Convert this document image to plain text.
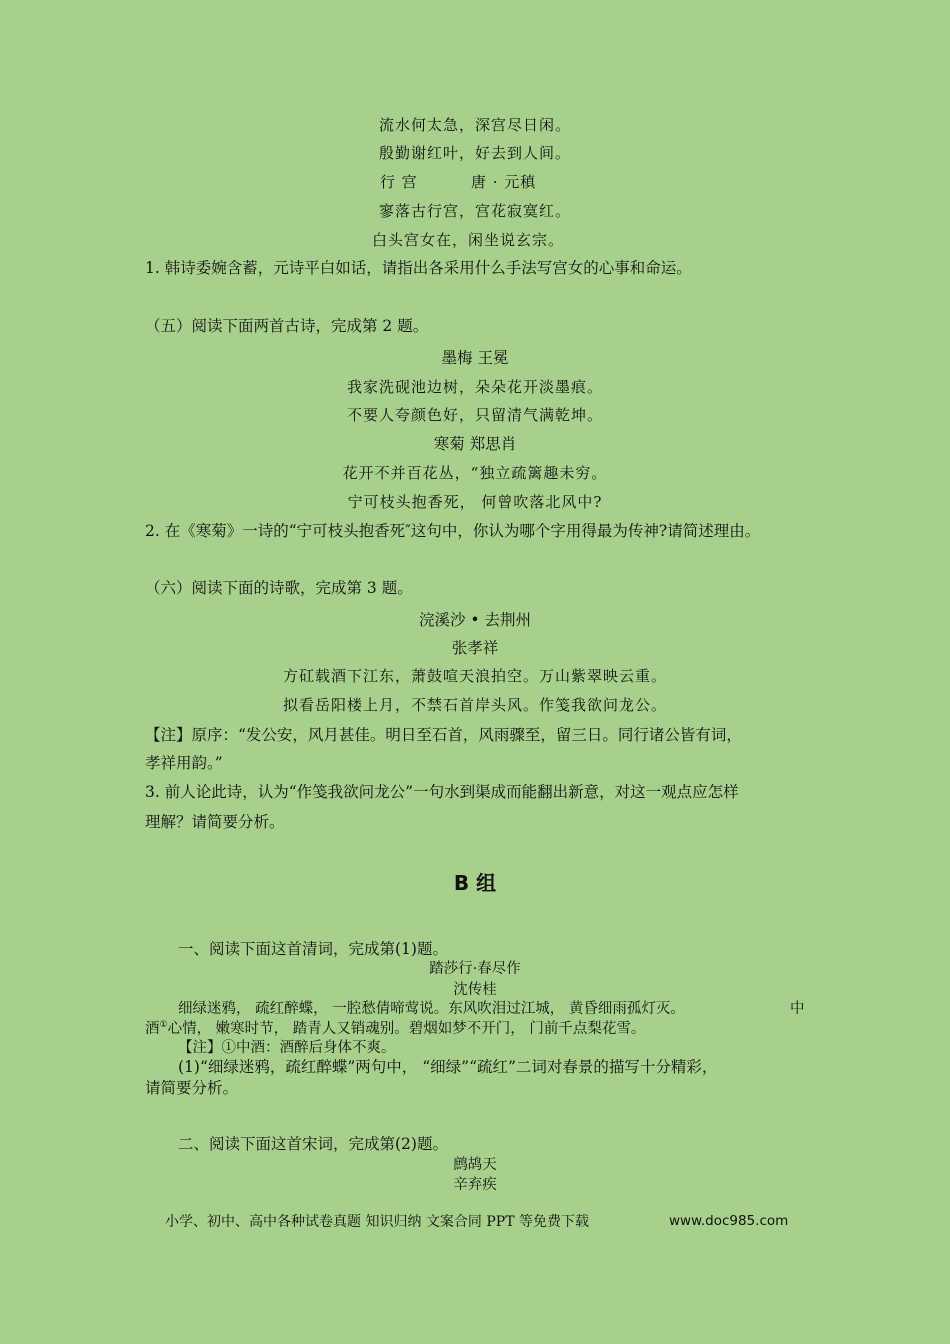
流水何太急，深宫尽日闲。
殷勤谢红叶，好去到人间。
行 宫	唐 · 元稹
寥落古行宫，宫花寂寞红。
白头宫女在，闲坐说玄宗。
1. 韩诗委婉含蓄，元诗平白如话，请指出各采用什么手法写宫女的心事和命运。
（五）阅读下面两首古诗，完成第 2 题。
墨梅 王冕
我家洗砚池边树，朵朵花开淡墨痕。
不要人夸颜色好，只留清气满乾坤。
寒菊 郑思肖
花开不并百花丛，“独立疏篱趣未穷。
宁可枝头抱香死， 何曾吹落北风中?
2. 在《寒菊》一诗的“宁可枝头抱香死″这句中，你认为哪个字用得最为传神?请简述理由。
（六）阅读下面的诗歌，完成第 3 题。
浣溪沙 • 去荆州
张孝祥
方矼载酒下江东，萧鼓喧天浪拍空。万山紫翠映云重。
拟看岳阳楼上月，不禁石首岸头风。作笺我欲问龙公。
【注】原序：“发公安，风月甚佳。明日至石首，风雨骤至，留三日。同行诸公皆有词，
孝祥用韵。”
3. 前人论此诗，认为“作笺我欲问龙公”一句水到渠成而能翻出新意，对这一观点应怎样
理解？请简要分析。
B 组
一、阅读下面这首清词，完成第(1)题。
踏莎行·春尽作
沈传桂
细绿迷鸦， 疏红醉蝶， 一腔愁倩啼莺说。东风吹泪过江城， 黄昏细雨孤灯灭。	中
酒①心情， 嫩寒时节， 踏青人又销魂别。碧烟如梦不开门， 门前千点梨花雪。
【注】①中酒：酒醉后身体不爽。
(1)“细绿迷鸦，疏红醉蝶”两句中， “细绿”“疏红”二词对春景的描写十分精彩，
请简要分析。
二、阅读下面这首宋词，完成第(2)题。
鹧鸪天
辛弃疾
小学、初中、高中各种试卷真题 知识归纳 文案合同 PPT 等免费下载	www.doc985.com
